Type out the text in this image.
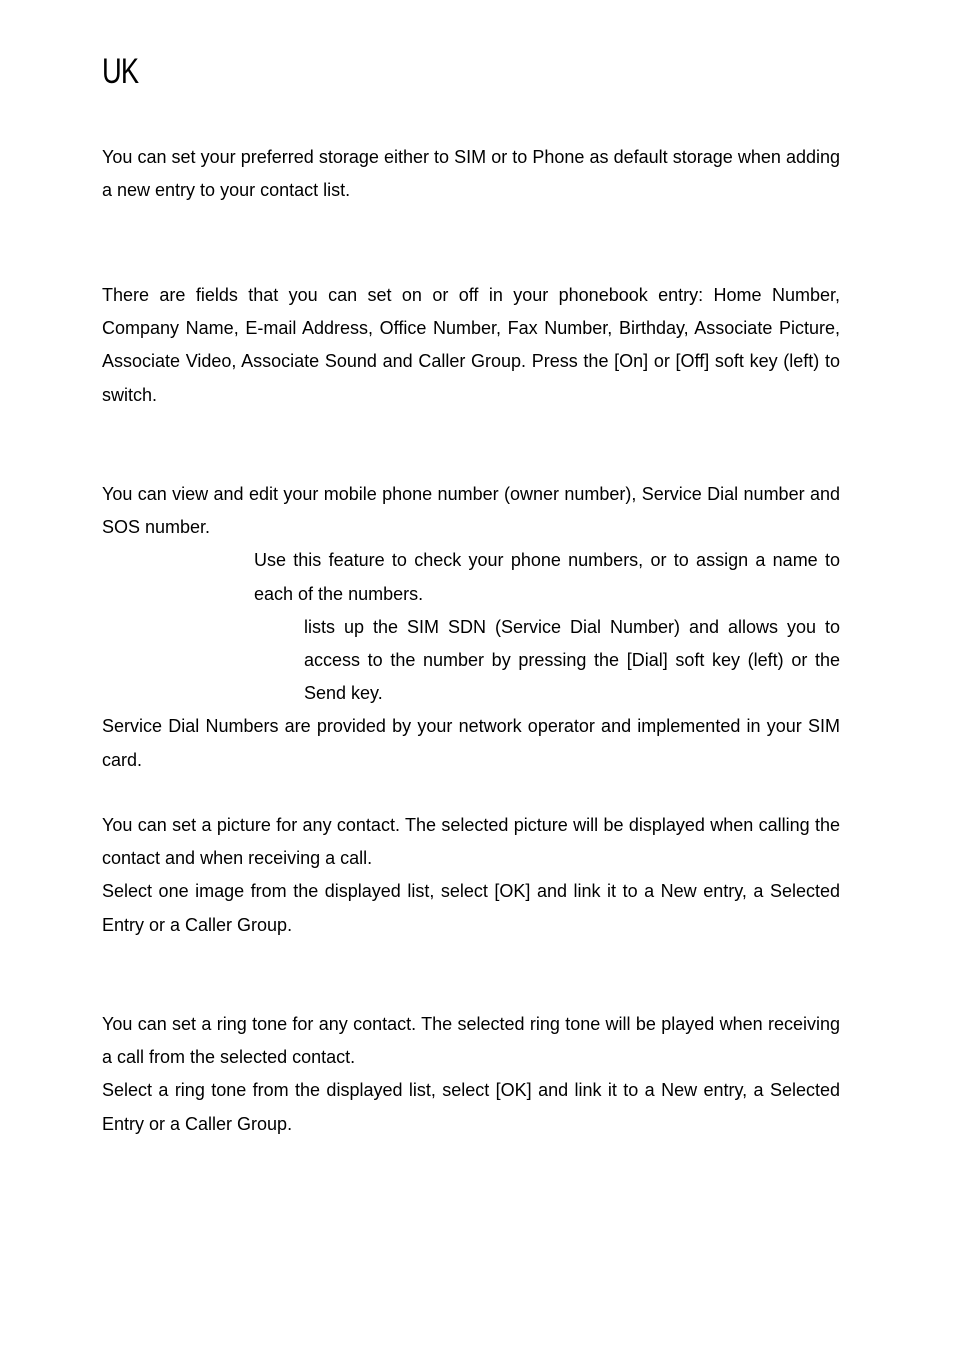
UK

You can set your preferred storage either to SIM or to Phone as default storage when adding a new entry to your contact list.

There are fields that you can set on or off in your phonebook entry: Home Number, Company Name, E-mail Address, Office Number, Fax Number, Birthday, Associate Picture, Associate Video, Associate Sound and Caller Group. Press the [On] or [Off] soft key (left) to switch.

You can view and edit your mobile phone number (owner number), Service Dial number and SOS number.

Use this feature to check your phone numbers, or to assign a name to each of the numbers.

lists up the SIM SDN (Service Dial Number) and allows you to access to the number by pressing the [Dial] soft key (left) or the Send key.

Service Dial Numbers are provided by your network operator and implemented in your SIM card.

You can set a picture for any contact. The selected picture will be displayed when calling the contact and when receiving a call.

Select one image from the displayed list, select [OK] and link it to a New entry, a Selected Entry or a Caller Group.

You can set a ring tone for any contact. The selected ring tone will be played when receiving a call from the selected contact.

Select a ring tone from the displayed list, select [OK] and link it to a New entry, a Selected Entry or a Caller Group.
